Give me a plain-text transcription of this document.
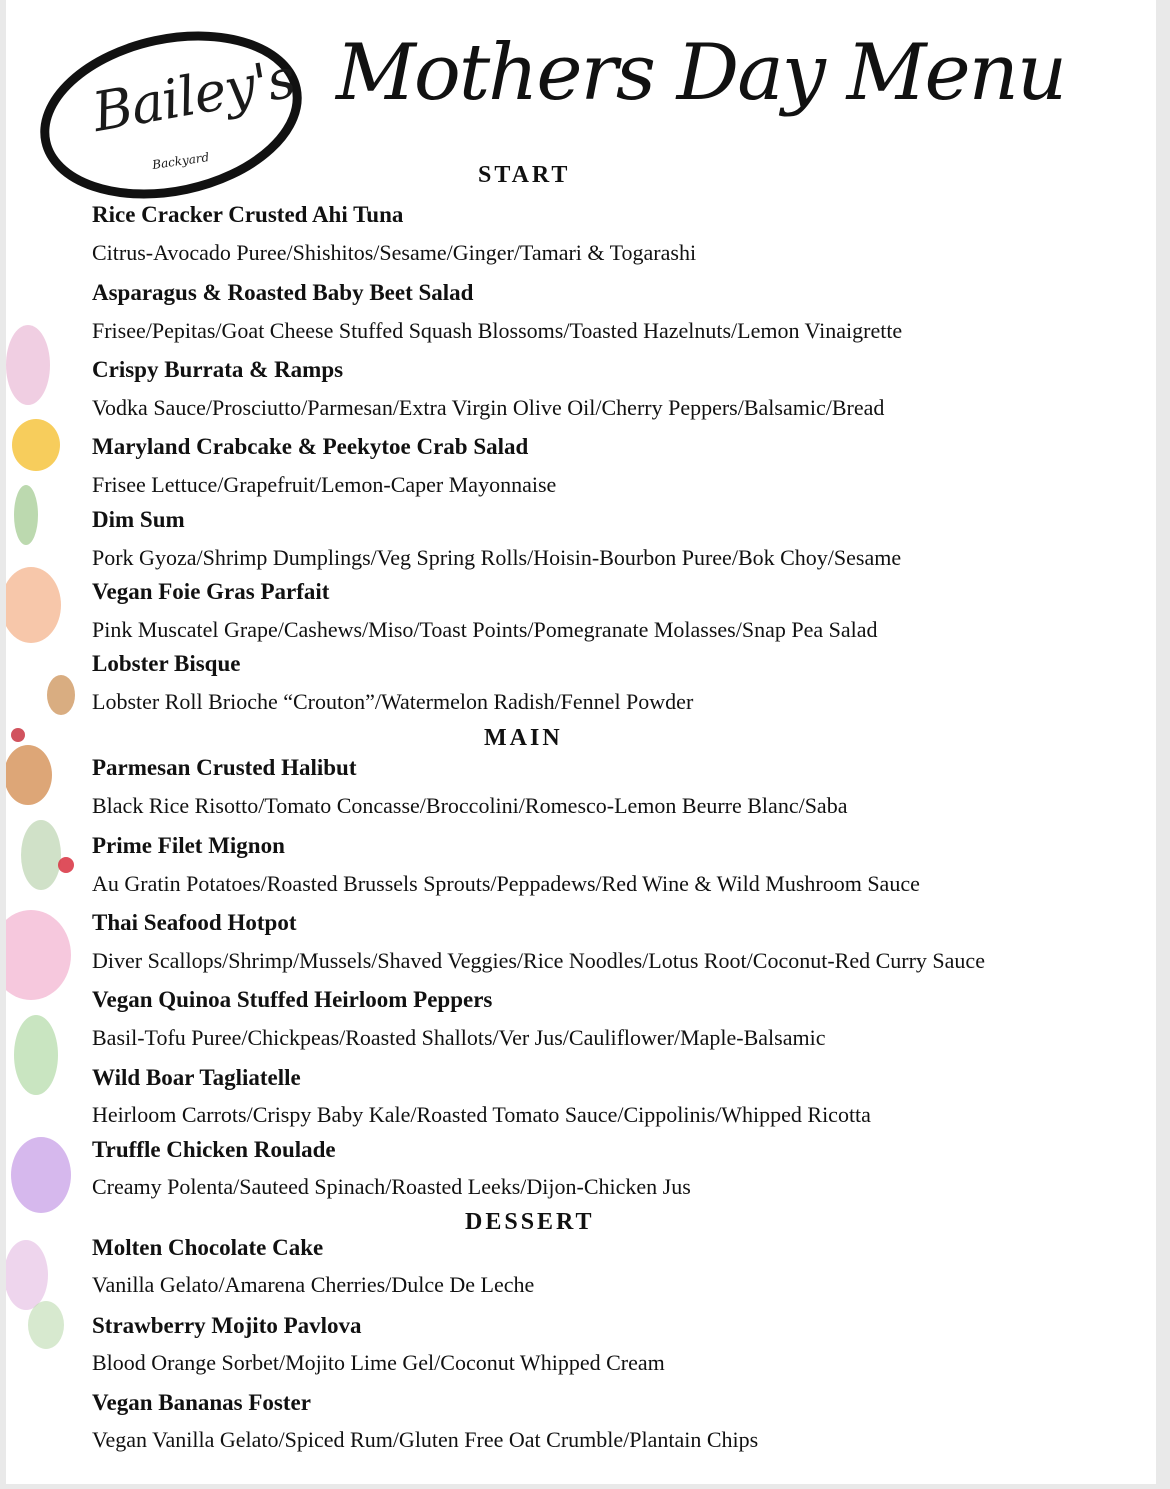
Bailey's
Backyard
Mothers Day Menu
START
Rice Cracker Crusted Ahi Tuna
Citrus-Avocado Puree/Shishitos/Sesame/Ginger/Tamari & Togarashi
Asparagus & Roasted Baby Beet Salad
Frisee/Pepitas/Goat Cheese Stuffed Squash Blossoms/Toasted Hazelnuts/Lemon Vinaigrette
Crispy Burrata & Ramps
Vodka Sauce/Prosciutto/Parmesan/Extra Virgin Olive Oil/Cherry Peppers/Balsamic/Bread
Maryland Crabcake & Peekytoe Crab Salad
Frisee Lettuce/Grapefruit/Lemon-Caper Mayonnaise
Dim Sum
Pork Gyoza/Shrimp Dumplings/Veg Spring Rolls/Hoisin-Bourbon Puree/Bok Choy/Sesame
Vegan Foie Gras Parfait
Pink Muscatel Grape/Cashews/Miso/Toast Points/Pomegranate Molasses/Snap Pea Salad
Lobster Bisque
Lobster Roll Brioche “Crouton”/Watermelon Radish/Fennel Powder
MAIN
Parmesan Crusted Halibut
Black Rice Risotto/Tomato Concasse/Broccolini/Romesco-Lemon Beurre Blanc/Saba
Prime Filet Mignon
Au Gratin Potatoes/Roasted Brussels Sprouts/Peppadews/Red Wine & Wild Mushroom Sauce
Thai Seafood Hotpot
Diver Scallops/Shrimp/Mussels/Shaved Veggies/Rice Noodles/Lotus Root/Coconut-Red Curry Sauce
Vegan Quinoa Stuffed Heirloom Peppers
Basil-Tofu Puree/Chickpeas/Roasted Shallots/Ver Jus/Cauliflower/Maple-Balsamic
Wild Boar Tagliatelle
Heirloom Carrots/Crispy Baby Kale/Roasted Tomato Sauce/Cippolinis/Whipped Ricotta
Truffle Chicken Roulade
Creamy Polenta/Sauteed Spinach/Roasted Leeks/Dijon-Chicken Jus
DESSERT
Molten Chocolate Cake
Vanilla Gelato/Amarena Cherries/Dulce De Leche
Strawberry Mojito Pavlova
Blood Orange Sorbet/Mojito Lime Gel/Coconut Whipped Cream
Vegan Bananas Foster
Vegan Vanilla Gelato/Spiced Rum/Gluten Free Oat Crumble/Plantain Chips
